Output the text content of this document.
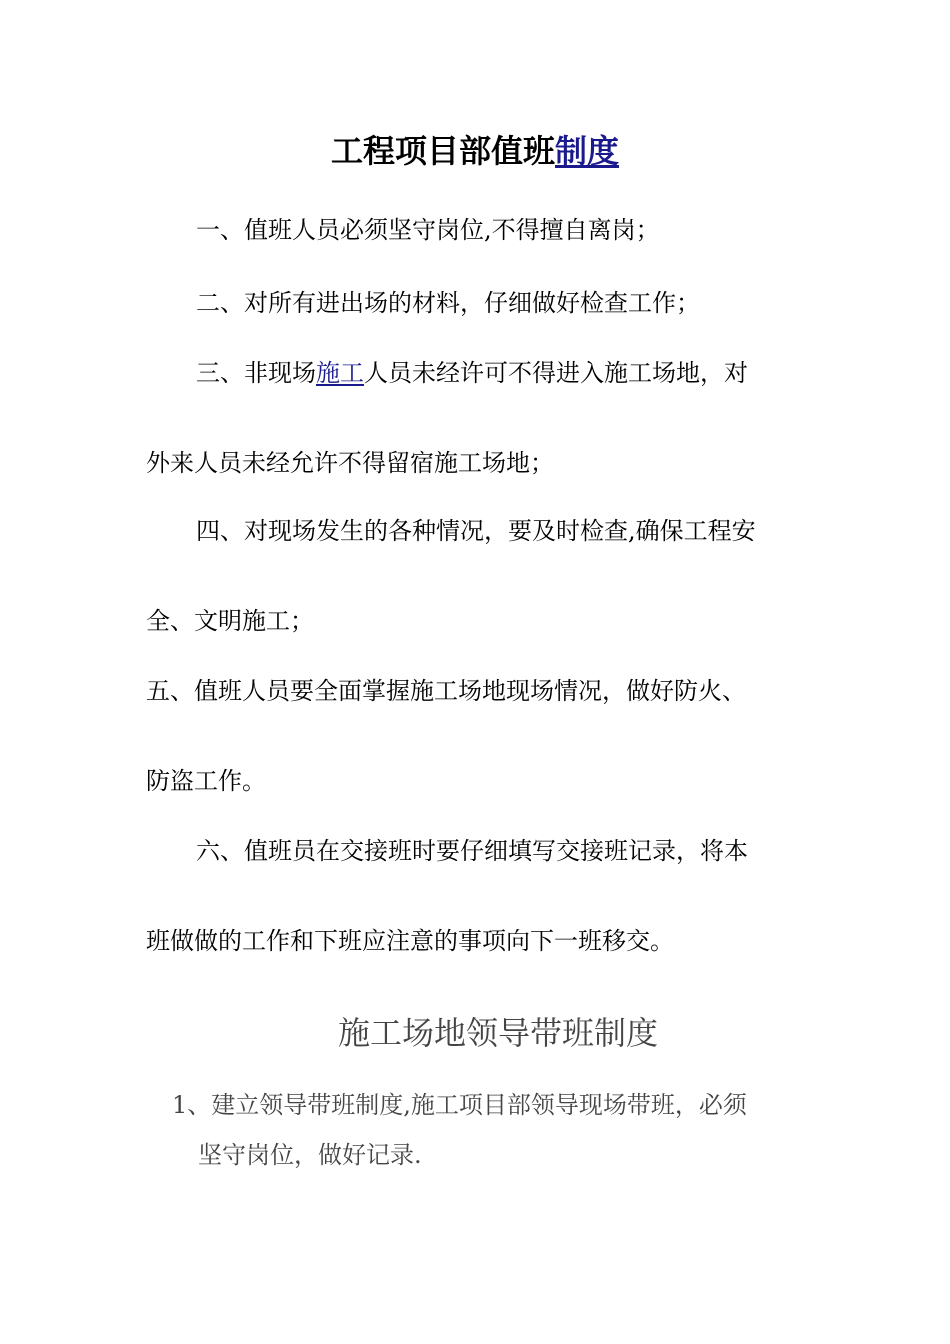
工程项目部值班制度
一、值班人员必须坚守岗位,不得擅自离岗；
二、对所有进出场的材料，仔细做好检查工作；
三、非现场施工人员未经许可不得进入施工场地，对
外来人员未经允许不得留宿施工场地；
四、对现场发生的各种情况，要及时检查,确保工程安
全、文明施工；
五、值班人员要全面掌握施工场地现场情况，做好防火、
防盗工作。
六、值班员在交接班时要仔细填写交接班记录，将本
班做做的工作和下班应注意的事项向下一班移交。
施工场地领导带班制度
1、建立领导带班制度,施工项目部领导现场带班，必须
坚守岗位，做好记录.
